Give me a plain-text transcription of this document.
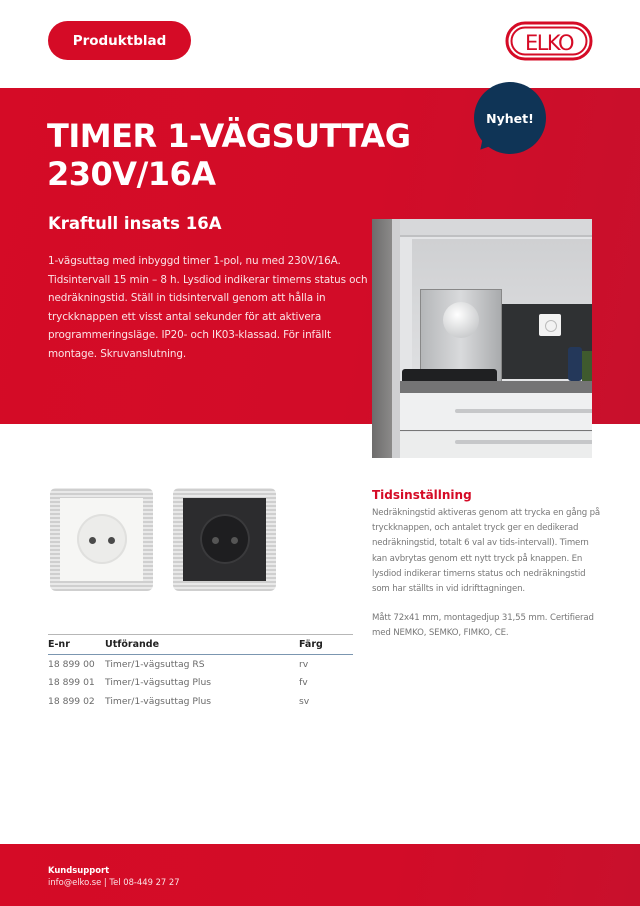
Produktblad	ELKO
Nyhet!
TIMER 1-VÄGSUTTAG
230V/16A
Kraftull insats 16A
1-vägsuttag med inbyggd timer 1-pol, nu med 230V/16A. Tidsintervall 15 min – 8 h. Lysdiod indikerar timerns status och nedräkningstid. Ställ in tidsintervall genom att hålla in tryckknappen ett visst antal sekunder för att aktivera programmeringsläge. IP20- och IK03-klassad. För infällt montage. Skruvanslutning.
E-nr	Utförande	Färg
18 899 00	Timer/1-vägsuttag RS	rv
18 899 01	Timer/1-vägsuttag Plus	fv
18 899 02	Timer/1-vägsuttag Plus	sv
Tidsinställning

Nedräkningstid aktiveras genom att trycka en gång på tryckknappen, och antalet tryck ger en dedikerad nedräkningstid, totalt 6 val av tids-intervall). Timern kan avbrytas genom ett nytt tryck på knappen. En lysdiod indikerar timerns status och nedräkningstid som har ställts in vid idrifttagningen.

Mått 72x41 mm, montagedjup 31,55 mm. Certifierad med NEMKO, SEMKO, FIMKO, CE.

Kundsupport
info@elko.se | Tel 08-449 27 27
